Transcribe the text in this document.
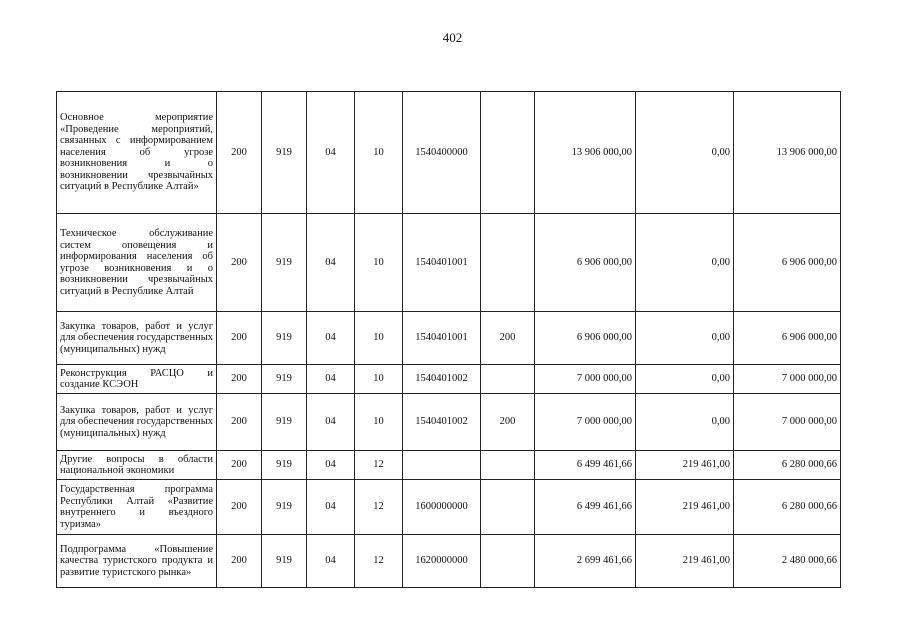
402
Основное мероприятие «Проведение мероприятий, связанных с информированием населения об угрозе возникновения и о возникновении чрезвычайных ситуаций в Республике Алтай»	200	919	04	10	1540400000		13 906 000,00	0,00	13 906 000,00
Техническое обслуживание систем оповещения и информирования населения об угрозе возникновения и о возникновении чрезвычайных ситуаций в Республике Алтай	200	919	04	10	1540401001		6 906 000,00	0,00	6 906 000,00
Закупка товаров, работ и услуг для обеспечения государственных (муниципальных) нужд	200	919	04	10	1540401001	200	6 906 000,00	0,00	6 906 000,00
Реконструкция РАСЦО и создание КСЭОН	200	919	04	10	1540401002		7 000 000,00	0,00	7 000 000,00
Закупка товаров, работ и услуг для обеспечения государственных (муниципальных) нужд	200	919	04	10	1540401002	200	7 000 000,00	0,00	7 000 000,00
Другие вопросы в области национальной экономики	200	919	04	12			6 499 461,66	219 461,00	6 280 000,66
Государственная программа Республики Алтай «Развитие внутреннего и въездного туризма»	200	919	04	12	1600000000		6 499 461,66	219 461,00	6 280 000,66
Подпрограмма «Повышение качества туристского продукта и развитие туристского рынка»	200	919	04	12	1620000000		2 699 461,66	219 461,00	2 480 000,66
